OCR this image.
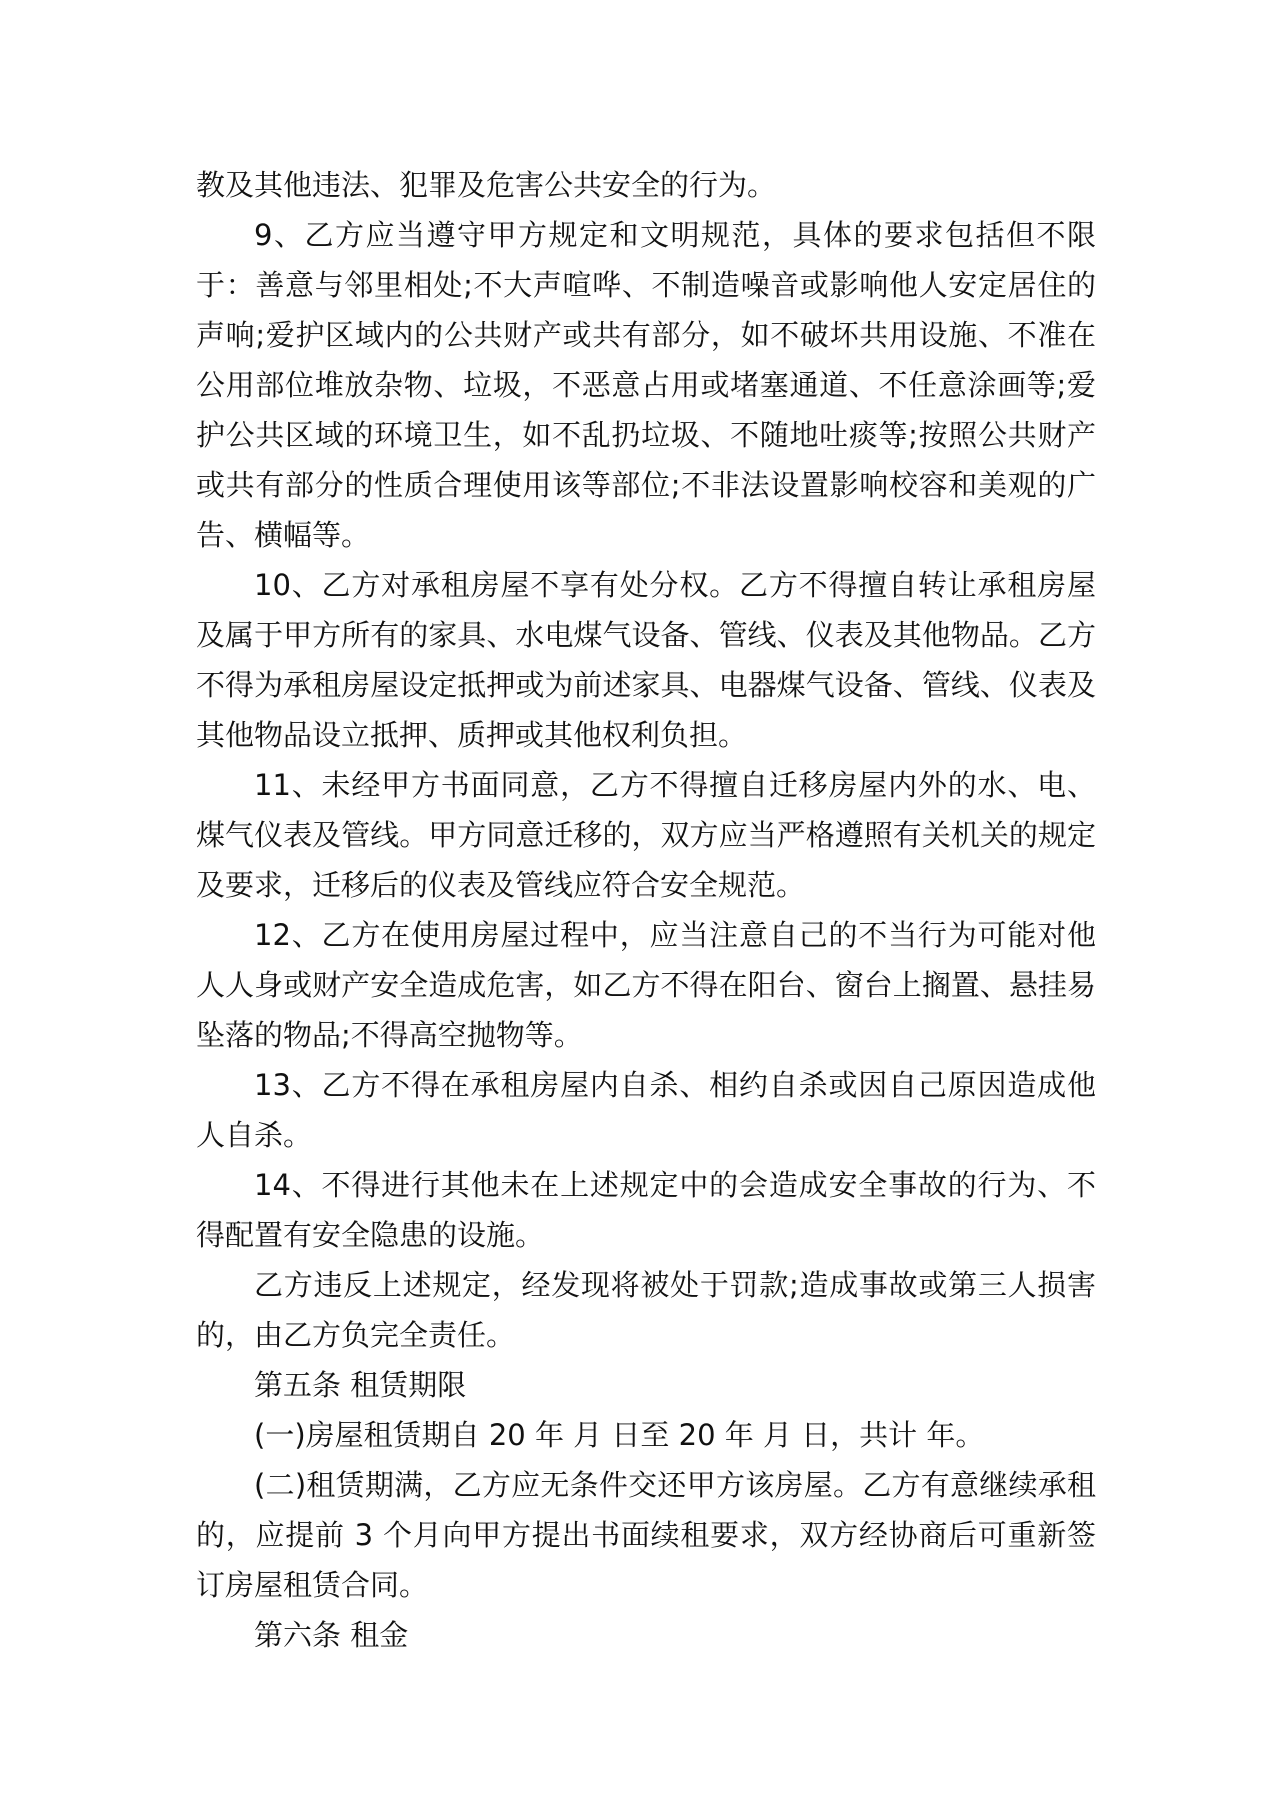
教及其他违法、犯罪及危害公共安全的行为。

9、乙方应当遵守甲方规定和文明规范，具体的要求包括但不限于：善意与邻里相处;不大声喧哗、不制造噪音或影响他人安定居住的声响;爱护区域内的公共财产或共有部分，如不破坏共用设施、不准在公用部位堆放杂物、垃圾，不恶意占用或堵塞通道、不任意涂画等;爱护公共区域的环境卫生，如不乱扔垃圾、不随地吐痰等;按照公共财产或共有部分的性质合理使用该等部位;不非法设置影响校容和美观的广告、横幅等。

10、乙方对承租房屋不享有处分权。乙方不得擅自转让承租房屋及属于甲方所有的家具、水电煤气设备、管线、仪表及其他物品。乙方不得为承租房屋设定抵押或为前述家具、电器煤气设备、管线、仪表及其他物品设立抵押、质押或其他权利负担。

11、未经甲方书面同意，乙方不得擅自迁移房屋内外的水、电、煤气仪表及管线。甲方同意迁移的，双方应当严格遵照有关机关的规定及要求，迁移后的仪表及管线应符合安全规范。

12、乙方在使用房屋过程中，应当注意自己的不当行为可能对他人人身或财产安全造成危害，如乙方不得在阳台、窗台上搁置、悬挂易坠落的物品;不得高空抛物等。

13、乙方不得在承租房屋内自杀、相约自杀或因自己原因造成他人自杀。

14、不得进行其他未在上述规定中的会造成安全事故的行为、不得配置有安全隐患的设施。

乙方违反上述规定，经发现将被处于罚款;造成事故或第三人损害的，由乙方负完全责任。

第五条 租赁期限

(一)房屋租赁期自 20 年 月 日至 20 年 月 日，共计 年。

(二)租赁期满，乙方应无条件交还甲方该房屋。乙方有意继续承租的，应提前 3 个月向甲方提出书面续租要求，双方经协商后可重新签订房屋租赁合同。

第六条 租金
